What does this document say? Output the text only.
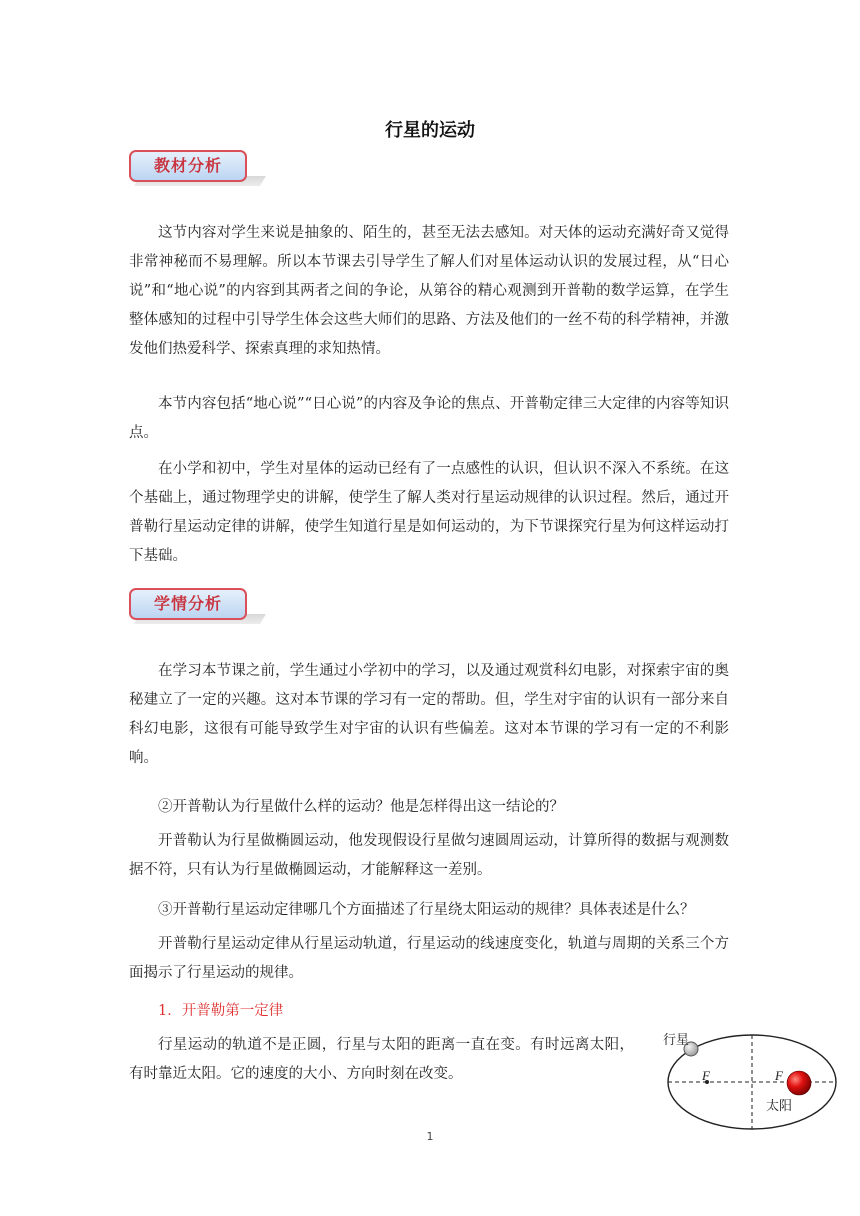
行星的运动
教材分析

这节内容对学生来说是抽象的、陌生的，甚至无法去感知。对天体的运动充满好奇又觉得非常神秘而不易理解。所以本节课去引导学生了解人们对星体运动认识的发展过程，从“日心说”和“地心说”的内容到其两者之间的争论，从第谷的精心观测到开普勒的数学运算，在学生整体感知的过程中引导学生体会这些大师们的思路、方法及他们的一丝不苟的科学精神，并激发他们热爱科学、探索真理的求知热情。

本节内容包括“地心说”“日心说”的内容及争论的焦点、开普勒定律三大定律的内容等知识点。

在小学和初中，学生对星体的运动已经有了一点感性的认识，但认识不深入不系统。在这个基础上，通过物理学史的讲解，使学生了解人类对行星运动规律的认识过程。然后，通过开普勒行星运动定律的讲解，使学生知道行星是如何运动的，为下节课探究行星为何这样运动打下基础。

学情分析

在学习本节课之前，学生通过小学初中的学习，以及通过观赏科幻电影，对探索宇宙的奥秘建立了一定的兴趣。这对本节课的学习有一定的帮助。但，学生对宇宙的认识有一部分来自科幻电影，这很有可能导致学生对宇宙的认识有些偏差。这对本节课的学习有一定的不利影响。

②开普勒认为行星做什么样的运动？他是怎样得出这一结论的？

开普勒认为行星做椭圆运动，他发现假设行星做匀速圆周运动，计算所得的数据与观测数据不符，只有认为行星做椭圆运动，才能解释这一差别。

③开普勒行星运动定律哪几个方面描述了行星绕太阳运动的规律？具体表述是什么？

开普勒行星运动定律从行星运动轨道，行星运动的线速度变化，轨道与周期的关系三个方面揭示了行星运动的规律。

1．开普勒第一定律

行星运动的轨道不是正圆，行星与太阳的距离一直在变。有时远离太阳，有时靠近太阳。它的速度的大小、方向时刻在改变。	F	F
行星
太阳
1
